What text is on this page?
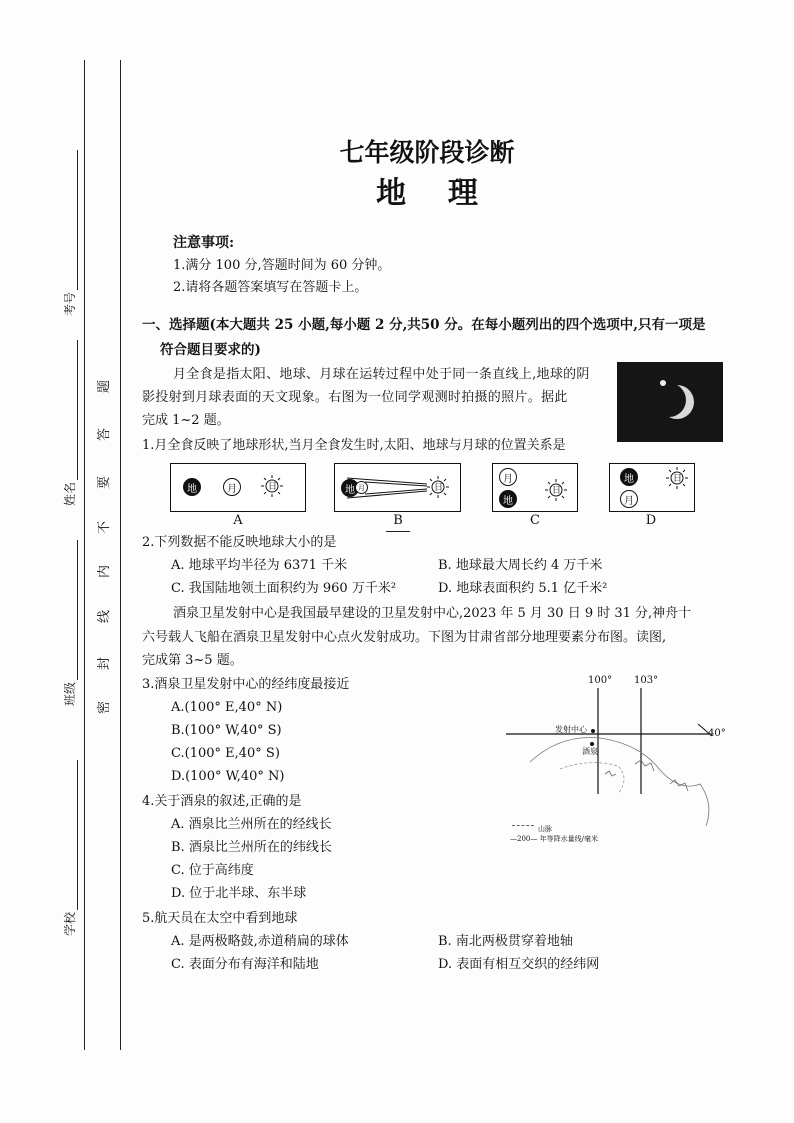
考号
姓名
班级
学校
题
答
要
不
内
线
封
密
七年级阶段诊断
地    理
注意事项:
1.满分 100 分,答题时间为 60 分钟。
2.请将各题答案填写在答题卡上。
一、选择题(本大题共 25 小题,每小题 2 分,共50 分。在每小题列出的四个选项中,只有一项是
符合题目要求的)
月全食是指太阳、地球、月球在运转过程中处于同一条直线上,地球的阴
影投射到月球表面的天文现象。右图为一位同学观测时拍摄的照片。据此
完成 1~2 题。
1.月全食反映了地球形状,当月全食发生时,太阳、地球与月球的位置关系是
地	月	日	地 月	日
月
地
日
地
月
日
A	B	C	D
2.下列数据不能反映地球大小的是
A. 地球平均半径为 6371 千米	B. 地球最大周长约 4 万千米
C. 我国陆地领土面积约为 960 万千米²	D. 地球表面积约 5.1 亿千米²
酒泉卫星发射中心是我国最早建设的卫星发射中心,2023 年 5 月 30 日 9 时 31 分,神舟十
六号载人飞船在酒泉卫星发射中心点火发射成功。下图为甘肃省部分地理要素分布图。读图,
完成第 3~5 题。
3.酒泉卫星发射中心的经纬度最接近
A.(100° E,40° N)
B.(100° W,40° S)
C.(100° E,40° S)
D.(100° W,40° N)
4.关于酒泉的叙述,正确的是
A. 酒泉比兰州所在的经线长
B. 酒泉比兰州所在的纬线长
C. 位于高纬度
D. 位于北半球、东半球
5.航天员在太空中看到地球
A. 是两极略鼓,赤道稍扁的球体	B. 南北两极贯穿着地轴
C. 表面分布有海洋和陆地	D. 表面有相互交织的经纬网
100° 103°
40°
发射中心
酒泉
山脉
—200— 年等降水量线/毫米
